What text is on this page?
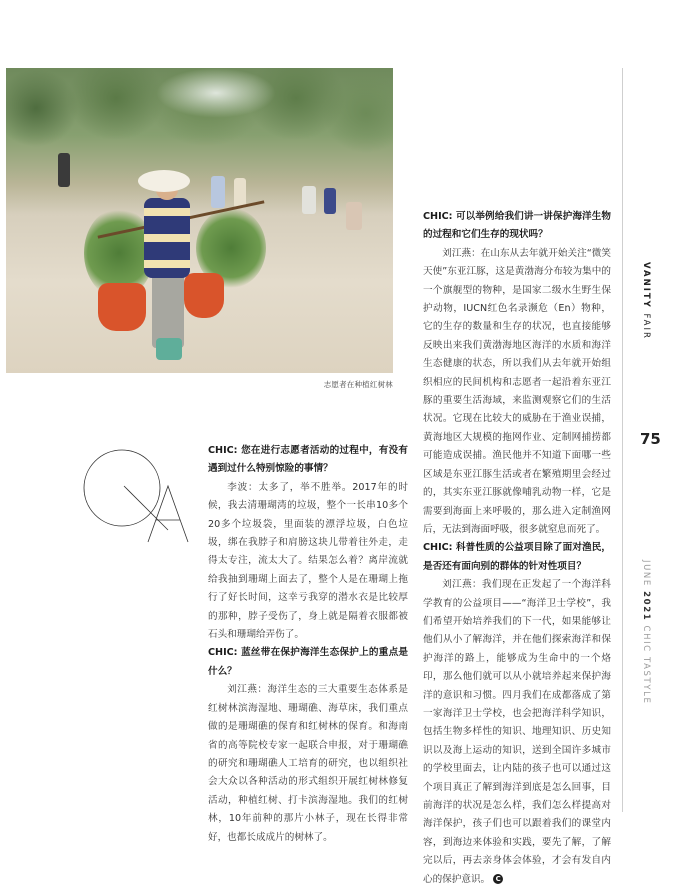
志愿者在种植红树林
Q	A	CHIC: 您在进行志愿者活动的过程中，有没有遇到过什么特别惊险的事情？

李波：太多了，举不胜举。2017年的时候，我去清珊瑚湾的垃圾，整个一长串10多个20多个垃圾袋，里面装的漂浮垃圾，白色垃圾，绑在我脖子和肩膀这块儿带着往外走，走得太专注，流太大了。结果怎么着？离岸流就给我抽到珊瑚上面去了，整个人是在珊瑚上拖行了好长时间，这幸亏我穿的潜水衣是比较厚的那种，脖子受伤了，身上就是隔着衣服都被石头和珊瑚给弄伤了。

CHIC: 蓝丝带在保护海洋生态保护上的重点是什么？

刘江燕：海洋生态的三大重要生态体系是红树林滨海湿地、珊瑚礁、海草床，我们重点做的是珊瑚礁的保育和红树林的保育。和海南省的高等院校专家一起联合申报，对于珊瑚礁的研究和珊瑚礁人工培育的研究，也以组织社会大众以各种活动的形式组织开展红树林修复活动，种植红树、打卡滨海湿地。我们的红树林，10年前种的那片小林子，现在长得非常好，也都长成成片的树林了。

CHIC: 可以举例给我们讲一讲保护海洋生物的过程和它们生存的现状吗？

刘江燕：在山东从去年就开始关注“微笑天使”东亚江豚，这是黄渤海分布较为集中的一个旗舰型的物种，是国家二级水生野生保护动物，IUCN红色名录濒危（En）物种，它的生存的数量和生存的状况，也直接能够反映出来我们黄渤海地区海洋的水质和海洋生态健康的状态，所以我们从去年就开始组织相应的民间机构和志愿者一起沿着东亚江豚的重要生活海域，来监测观察它们的生活状况。它现在比较大的威胁在于渔业误捕，黄海地区大规模的拖网作业、定制网捕捞都可能造成误捕。渔民他并不知道下面哪一些区域是东亚江豚生活或者在繁殖期里会经过的，其实东亚江豚就像哺乳动物一样，它是需要到海面上来呼吸的，那么进入定制渔网后，无法到海面呼吸，很多就窒息而死了。

CHIC: 科普性质的公益项目除了面对渔民，是否还有面向别的群体的针对性项目？

刘江燕：我们现在正发起了一个海洋科学教育的公益项目——“海洋卫士学校”，我们希望开始培养我们的下一代，如果能够让他们从小了解海洋，并在他们探索海洋和保护海洋的路上，能够成为生命中的一个烙印，那么他们就可以从小就培养起来保护海洋的意识和习惯。四月我们在成都落成了第一家海洋卫士学校，也会把海洋科学知识，包括生物多样性的知识、地理知识、历史知识以及海上运动的知识，送到全国许多城市的学校里面去，让内陆的孩子也可以通过这个项目真正了解到海洋到底是怎么回事，目前海洋的状况是怎么样，我们怎么样提高对海洋保护，孩子们也可以跟着我们的课堂内容，到海边来体验和实践，要先了解，了解完以后，再去亲身体会体验，才会有发自内心的保护意识。 C

VANITY FAIR
75
JUNE 2021 CHIC TASTYLE
